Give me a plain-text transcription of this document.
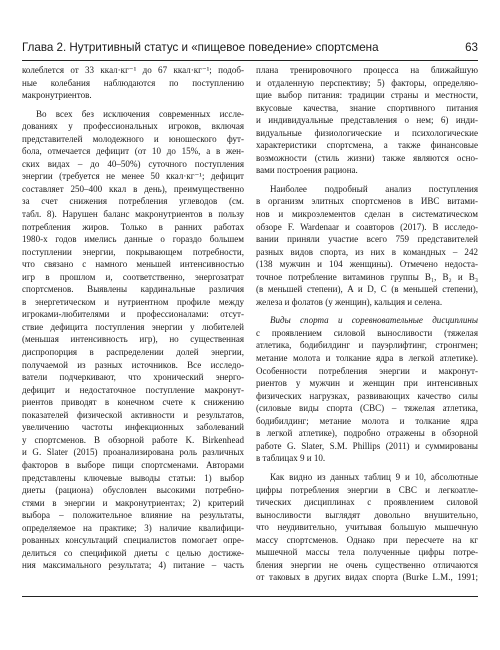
Глава 2. Нутритивный статус и «пищевое поведение» спортсмена	63
колеблется от 33 ккал·кг⁻¹ до 67 ккал·кг⁻¹; подоб-
ные колебания наблюдаются по поступлению
макронутриентов.
Во всех без исключения современных иссле-
дованиях у профессиональных игроков, включая
представителей молодежного и юношеского фут-
бола, отмечается дефицит (от 10 до 15%, а в жен-
ских видах – до 40–50%) суточного поступления
энергии (требуется не менее 50 ккал·кг⁻¹; дефицит
составляет 250–400 ккал в день), преимущественно
за счет снижения потребления углеводов (см.
табл. 8). Нарушен баланс макронутриентов в пользу
потребления жиров. Только в ранних работах
1980-х годов имелись данные о гораздо большем
поступлении энергии, покрывающем потребности,
что связано с намного меньшей интенсивностью
игр в прошлом и, соответственно, энергозатрат
спортсменов. Выявлены кардинальные различия
в энергетическом и нутриентном профиле между
игроками-любителями и профессионалами: отсут-
ствие дефицита поступления энергии у любителей
(меньшая интенсивность игр), но существенная
диспропорция в распределении долей энергии,
получаемой из разных источников. Все исследо-
ватели подчеркивают, что хронический энерго-
дефицит и недостаточное поступление макронут-
риентов приводят в конечном счете к снижению
показателей физической активности и результатов,
увеличению частоты инфекционных заболеваний
у спортсменов. В обзорной работе K. Birkenhead
и G. Slater (2015) проанализирована роль различных
факторов в выборе пищи спортсменами. Авторами
представлены ключевые выводы статьи: 1) выбор
диеты (рациона) обусловлен высокими потребно-
стями в энергии и макронутриентах; 2) критерий
выбора – положительное влияние на результаты,
определяемое на практике; 3) наличие квалифици-
рованных консультаций специалистов помогает опре-
делиться со спецификой диеты с целью достиже-
ния максимального результата; 4) питание – часть
плана тренировочного процесса на ближайшую
и отдаленную перспективу; 5) факторы, определяю-
щие выбор питания: традиции страны и местности,
вкусовые качества, знание спортивного питания
и индивидуальные представления о нем; 6) инди-
видуальные физиологические и психологические
характеристики спортсмена, а также финансовые
возможности (стиль жизни) также являются осно-
вами построения рациона.
Наиболее подробный анализ поступления
в организм элитных спортсменов в ИВС витами-
нов и микроэлементов сделан в систематическом
обзоре F. Wardenaar и соавторов (2017). В исследо-
вании приняли участие всего 759 представителей
разных видов спорта, из них в командных – 242
(138 мужчин и 104 женщины). Отмечено недоста-
точное потребление витаминов группы B₁, B₂ и B₃
(в меньшей степени), A и D, C (в меньшей степени),
железа и фолатов (у женщин), кальция и селена.
Виды спорта и соревновательные дисциплины
с проявлением силовой выносливости (тяжелая
атлетика, бодибилдинг и пауэрлифтинг, стронгмен;
метание молота и толкание ядра в легкой атлетике).
Особенности потребления энергии и макронут-
риентов у мужчин и женщин при интенсивных
физических нагрузках, развивающих качество силы
(силовые виды спорта (СВС) – тяжелая атлетика,
бодибилдинг; метание молота и толкание ядра
в легкой атлетике), подробно отражены в обзорной
работе G. Slater, S.M. Phillips (2011) и суммированы
в таблицах 9 и 10.
Как видно из данных таблиц 9 и 10, абсолютные
цифры потребления энергии в СВС и легкоатле-
тических дисциплинах с проявлением силовой
выносливости выглядят довольно внушительно,
что неудивительно, учитывая большую мышечную
массу спортсменов. Однако при пересчете на кг
мышечной массы тела полученные цифры потре-
бления энергии не очень существенно отличаются
от таковых в других видах спорта (Burke L.M., 1991;
